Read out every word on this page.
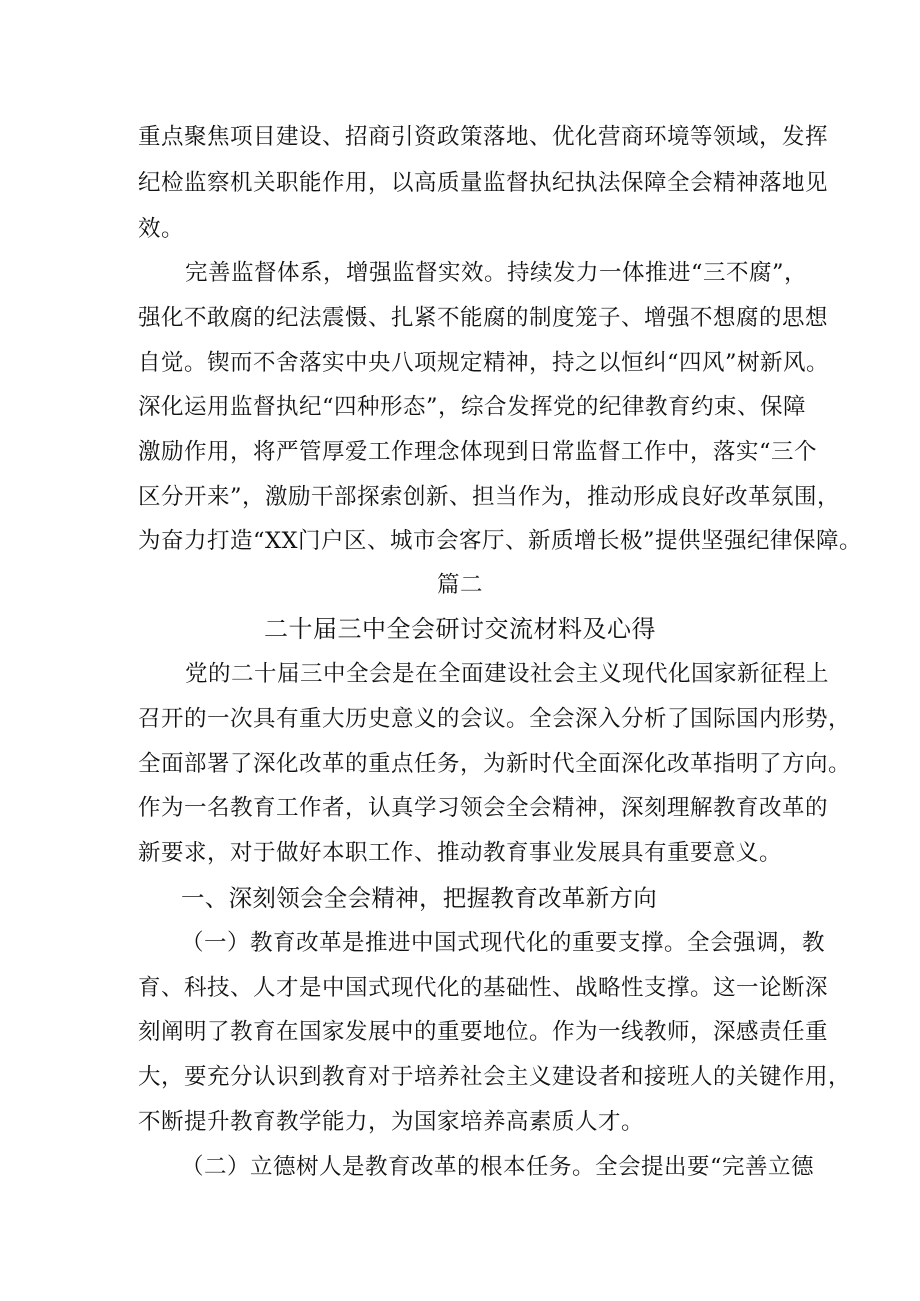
重点聚焦项目建设、招商引资政策落地、优化营商环境等领域，发挥
纪检监察机关职能作用，以高质量监督执纪执法保障全会精神落地见
效。
完善监督体系，增强监督实效。持续发力一体推进“三不腐”，
强化不敢腐的纪法震慑、扎紧不能腐的制度笼子、增强不想腐的思想
自觉。锲而不舍落实中央八项规定精神，持之以恒纠“四风”树新风。
深化运用监督执纪“四种形态”，综合发挥党的纪律教育约束、保障
激励作用，将严管厚爱工作理念体现到日常监督工作中，落实“三个
区分开来”，激励干部探索创新、担当作为，推动形成良好改革氛围，
为奋力打造“XX门户区、城市会客厅、新质增长极”提供坚强纪律保障。
篇二
二十届三中全会研讨交流材料及心得
党的二十届三中全会是在全面建设社会主义现代化国家新征程上
召开的一次具有重大历史意义的会议。全会深入分析了国际国内形势，
全面部署了深化改革的重点任务，为新时代全面深化改革指明了方向。
作为一名教育工作者，认真学习领会全会精神，深刻理解教育改革的
新要求，对于做好本职工作、推动教育事业发展具有重要意义。
一、深刻领会全会精神，把握教育改革新方向
（一）教育改革是推进中国式现代化的重要支撑。全会强调，教
育、科技、人才是中国式现代化的基础性、战略性支撑。这一论断深
刻阐明了教育在国家发展中的重要地位。作为一线教师，深感责任重
大，要充分认识到教育对于培养社会主义建设者和接班人的关键作用，
不断提升教育教学能力，为国家培养高素质人才。
（二）立德树人是教育改革的根本任务。全会提出要“完善立德
